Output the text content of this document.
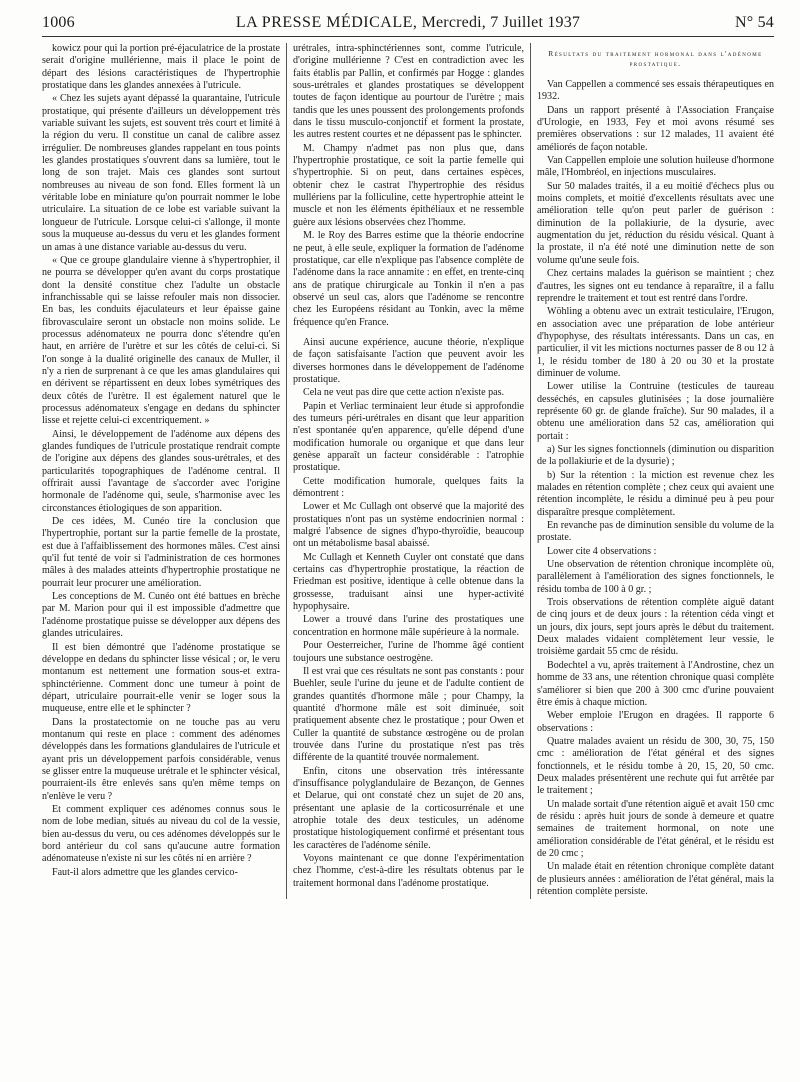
1006	LA PRESSE MÉDICALE, Mercredi, 7 Juillet 1937	N° 54

kowicz pour qui la portion pré-éjaculatrice de la prostate serait d'origine mullérienne, mais il place le point de départ des lésions caractéristiques de l'hypertrophie prostatique dans les glandes annexées à l'utricule.

« Chez les sujets ayant dépassé la quarantaine, l'utricule prostatique, qui présente d'ailleurs un développement très variable suivant les sujets, est souvent très court et limité à la région du veru. Il constitue un canal de calibre assez irrégulier. De nombreuses glandes rappelant en tous points les glandes prostatiques s'ouvrent dans sa lumière, tout le long de son trajet. Mais ces glandes sont surtout nombreuses au niveau de son fond. Elles forment là un véritable lobe en miniature qu'on pourrait nommer le lobe utriculaire. La situation de ce lobe est variable suivant la longueur de l'utricule. Lorsque celui-ci s'allonge, il monte sous la muqueuse au-dessus du veru et les glandes forment un amas à une distance variable au-dessus du veru.

« Que ce groupe glandulaire vienne à s'hypertrophier, il ne pourra se développer qu'en avant du corps prostatique dont la densité constitue chez l'adulte un obstacle infranchissable qui se laisse refouler mais non dissocier. En bas, les conduits éjaculateurs et leur épaisse gaine fibrovasculaire seront un obstacle non moins solide. Le processus adénomateux ne pourra donc s'étendre qu'en haut, en arrière de l'urètre et sur les côtés de celui-ci. Si l'on songe à la dualité originelle des canaux de Muller, il n'y a rien de surprenant à ce que les amas glandulaires qui en dérivent se répartissent en deux lobes symétriques des deux côtés de l'urètre. Il est également naturel que le processus adénomateux s'engage en dedans du sphincter lisse et rejette celui-ci excentriquement. »

Ainsi, le développement de l'adénome aux dépens des glandes fundiques de l'utricule prostatique rendrait compte de l'origine aux dépens des glandes sous-urétrales, et des particularités topographiques de l'adénome central. Il offrirait aussi l'avantage de s'accorder avec l'origine hormonale de l'adénome qui, seule, s'harmonise avec les circonstances étiologiques de son apparition.

De ces idées, M. Cunéo tire la conclusion que l'hypertrophie, portant sur la partie femelle de la prostate, est due à l'affaiblissement des hormones mâles. C'est ainsi qu'il fut tenté de voir si l'administration de ces hormones mâles à des malades atteints d'hypertrophie prostatique ne pourrait leur procurer une amélioration.

Les conceptions de M. Cunéo ont été battues en brèche par M. Marion pour qui il est impossible d'admettre que l'adénome prostatique puisse se développer aux dépens des glandes utriculaires.

Il est bien démontré que l'adénome prostatique se développe en dedans du sphincter lisse vésical ; or, le veru montanum est nettement une formation sous-et extra-sphinctérienne. Comment donc une tumeur à point de départ, utriculaire pourrait-elle venir se loger sous la muqueuse, entre elle et le sphincter ?

Dans la prostatectomie on ne touche pas au veru montanum qui reste en place : comment des adénomes développés dans les formations glandulaires de l'utricule et ayant pris un développement parfois considérable, venus se glisser entre la muqueuse urétrale et le sphincter vésical, pourraient-ils être enlevés sans qu'en même temps on n'enlève le veru ?

Et comment expliquer ces adénomes connus sous le nom de lobe median, situés au niveau du col de la vessie, bien au-dessus du veru, ou ces adénomes développés sur le bord antérieur du col sans qu'aucune autre formation adénomateuse n'existe ni sur les côtés ni en arrière ?

Faut-il alors admettre que les glandes cervico-

urétrales, intra-sphinctériennes sont, comme l'utricule, d'origine mullérienne ? C'est en contradiction avec les faits établis par Pallin, et confirmés par Hogge : glandes sous-urétrales et glandes prostatiques se développent toutes de façon identique au pourtour de l'urètre ; mais tandis que les unes poussent des prolongements profonds dans le tissu musculo-conjonctif et forment la prostate, les autres restent courtes et ne dépassent pas le sphincter.

M. Champy n'admet pas non plus que, dans l'hypertrophie prostatique, ce soit la partie femelle qui s'hypertrophie. Si on peut, dans certaines espèces, obtenir chez le castrat l'hypertrophie des résidus mullériens par la folliculine, cette hypertrophie atteint le muscle et non les éléments épithéliaux et ne ressemble guère aux lésions observées chez l'homme.

M. le Roy des Barres estime que la théorie endocrine ne peut, à elle seule, expliquer la formation de l'adénome prostatique, car elle n'explique pas l'absence complète de l'adénome dans la race annamite : en effet, en trente-cinq ans de pratique chirurgicale au Tonkin il n'en a pas observé un seul cas, alors que l'adénome se rencontre chez les Européens résidant au Tonkin, avec la même fréquence qu'en France.

Ainsi aucune expérience, aucune théorie, n'explique de façon satisfaisante l'action que peuvent avoir les diverses hormones dans le développement de l'adénome prostatique.

Cela ne veut pas dire que cette action n'existe pas.

Papin et Verliac terminaient leur étude si approfondie des tumeurs péri-urétrales en disant que leur apparition n'est spontanée qu'en apparence, qu'elle dépend d'une modification humorale ou organique et que dans leur genèse apparaît un facteur considérable : l'atrophie prostatique.

Cette modification humorale, quelques faits la démontrent :

Lower et Mc Cullagh ont observé que la majorité des prostatiques n'ont pas un système endocrinien normal : malgré l'absence de signes d'hypo-thyroïdie, beaucoup ont un métabolisme basal abaissé.

Mc Cullagh et Kenneth Cuyler ont constaté que dans certains cas d'hypertrophie prostatique, la réaction de Friedman est positive, identique à celle obtenue dans la grossesse, traduisant ainsi une hyper-activité hypophysaire.

Lower a trouvé dans l'urine des prostatiques une concentration en hormone mâle supérieure à la normale.

Pour Oesterreicher, l'urine de l'homme âgé contient toujours une substance oestrogène.

Il est vrai que ces résultats ne sont pas constants : pour Buehler, seule l'urine du jeune et de l'adulte contient de grandes quantités d'hormone mâle ; pour Champy, la quantité d'hormone mâle est soit diminuée, soit pratiquement absente chez le prostatique ; pour Owen et Culler la quantité de substance œstrogène ou de prolan trouvée dans l'urine du prostatique n'est pas très différente de la quantité trouvée normalement.

Enfin, citons une observation très intéressante d'insuffisance polyglandulaire de Bezançon, de Gennes et Delarue, qui ont constaté chez un sujet de 20 ans, présentant une aplasie de la corticosurrénale et une atrophie totale des deux testicules, un adénome prostatique histologiquement confirmé et présentant tous les caractères de l'adénome sénile.

Voyons maintenant ce que donne l'expérimentation chez l'homme, c'est-à-dire les résultats obtenus par le traitement hormonal dans l'adénome prostatique.

Résultats du traitement hormonal dans l'adénome prostatique.

Van Cappellen a commencé ses essais thérapeutiques en 1932.

Dans un rapport présenté à l'Association Française d'Urologie, en 1933, Fey et moi avons résumé ses premières observations : sur 12 malades, 11 avaient été améliorés de façon notable.

Van Cappellen emploie une solution huileuse d'hormone mâle, l'Hombréol, en injections musculaires.

Sur 50 malades traités, il a eu moitié d'échecs plus ou moins complets, et moitié d'excellents résultats avec une amélioration telle qu'on peut parler de guérison : diminution de la pollakiurie, de la dysurie, avec augmentation du jet, réduction du résidu vésical. Quant à la prostate, il n'a été noté une diminution nette de son volume qu'une seule fois.

Chez certains malades la guérison se maintient ; chez d'autres, les signes ont eu tendance à reparaître, il a fallu reprendre le traitement et tout est rentré dans l'ordre.

Wöhling a obtenu avec un extrait testiculaire, l'Erugon, en association avec une préparation de lobe antérieur d'hypophyse, des résultats intéressants. Dans un cas, en particulier, il vit les mictions nocturnes passer de 8 ou 12 à 1, le résidu tomber de 180 à 20 ou 30 et la prostate diminuer de volume.

Lower utilise la Contruine (testicules de taureau desséchés, en capsules glutinisées ; la dose journalière représente 60 gr. de glande fraîche). Sur 90 malades, il a obtenu une amélioration dans 52 cas, amélioration qui portait :

a) Sur les signes fonctionnels (diminution ou disparition de la pollakiurie et de la dysurie) ;

b) Sur la rétention : la miction est revenue chez les malades en rétention complète ; chez ceux qui avaient une rétention incomplète, le résidu a diminué peu à peu pour disparaître presque complètement.

En revanche pas de diminution sensible du volume de la prostate.

Lower cite 4 observations :

Une observation de rétention chronique incomplète où, parallèlement à l'amélioration des signes fonctionnels, le résidu tomba de 100 à 0 gr. ;

Trois observations de rétention complète aiguë datant de cinq jours et de deux jours : la rétention céda vingt et un jours, dix jours, sept jours après le début du traitement. Deux malades vidaient complètement leur vessie, le troisième gardait 55 cmc de résidu.

Bodechtel a vu, après traitement à l'Androstine, chez un homme de 33 ans, une rétention chronique quasi complète s'améliorer si bien que 200 à 300 cmc d'urine pouvaient être émis à chaque miction.

Weber emploie l'Erugon en dragées. Il rapporte 6 observations :

Quatre malades avaient un résidu de 300, 30, 75, 150 cmc : amélioration de l'état général et des signes fonctionnels, et le résidu tombe à 20, 15, 20, 50 cmc. Deux malades présentèrent une rechute qui fut arrêtée par le traitement ;

Un malade sortait d'une rétention aiguë et avait 150 cmc de résidu : après huit jours de sonde à demeure et quatre semaines de traitement hormonal, on note une amélioration considérable de l'état général, et le résidu est de 20 cmc ;

Un malade était en rétention chronique complète datant de plusieurs années : amélioration de l'état général, mais la rétention complète persiste.
